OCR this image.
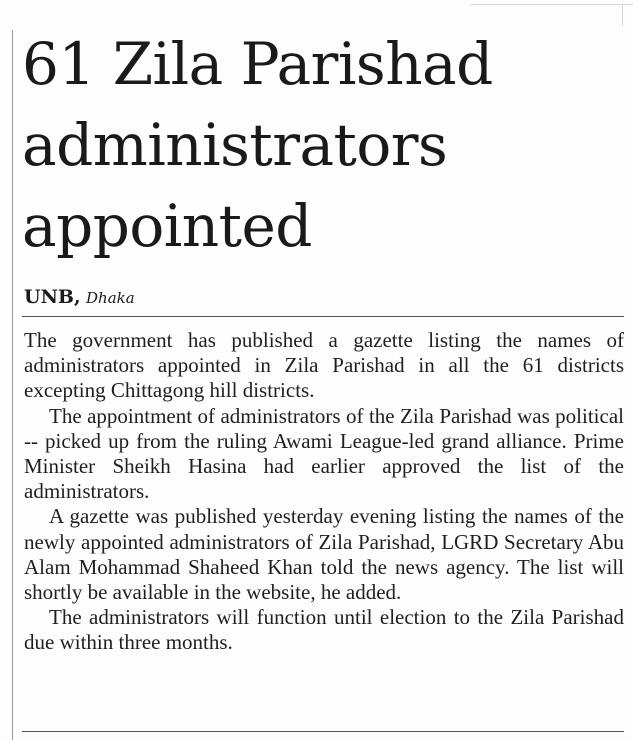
61 Zila Parishad administrators appointed
UNB, Dhaka

The government has published a gazette listing the names of administrators appointed in Zila Parishad in all the 61 districts excepting Chittagong hill districts.

The appointment of administrators of the Zila Parishad was political -- picked up from the ruling Awami League-led grand alliance. Prime Minister Sheikh Hasina had earlier approved the list of the administrators.

A gazette was published yesterday evening listing the names of the newly appointed administrators of Zila Parishad, LGRD Secretary Abu Alam Mohammad Shaheed Khan told the news agency. The list will shortly be available in the website, he added.

The administrators will function until election to the Zila Parishad due within three months.
